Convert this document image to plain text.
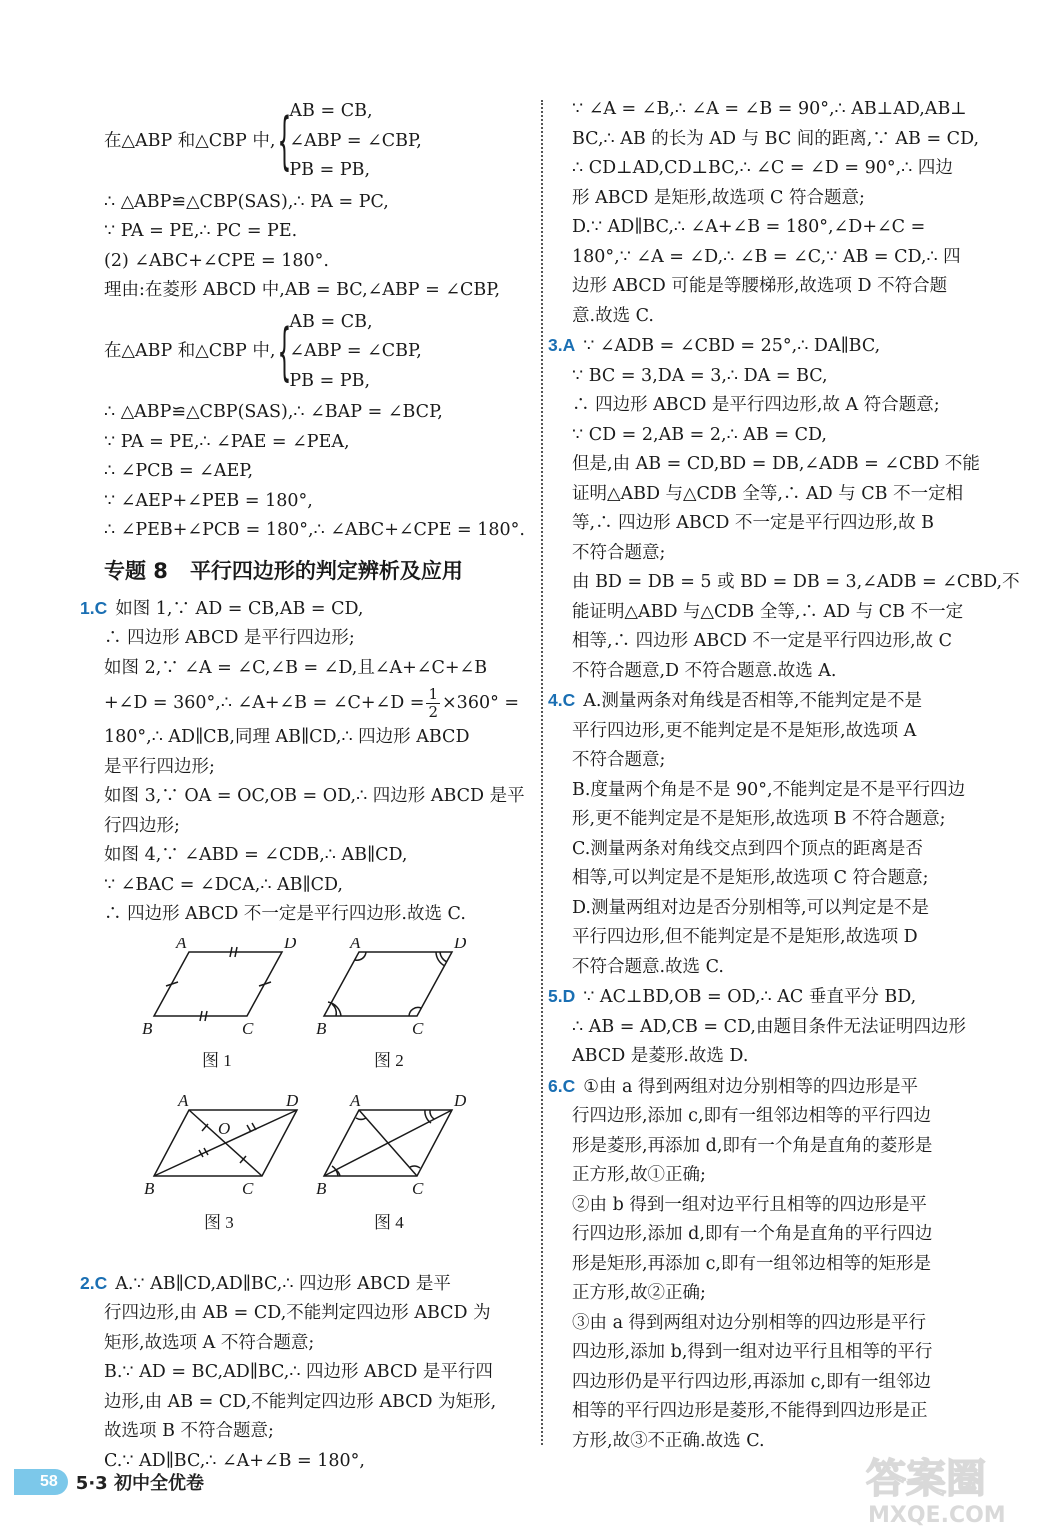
在△ABP 和△CBP 中, {
AB = CB,
∠ABP = ∠CBP,
PB = PB,

∴ △ABP≌△CBP(SAS),∴ PA = PC,

∵ PA = PE,∴ PC = PE.

(2) ∠ABC+∠CPE = 180°.

理由:在菱形 ABCD 中,AB = BC,∠ABP = ∠CBP,

在△ABP 和△CBP 中, {
AB = CB,
∠ABP = ∠CBP,
PB = PB,

∴ △ABP≌△CBP(SAS),∴ ∠BAP = ∠BCP,

∵ PA = PE,∴ ∠PAE = ∠PEA,

∴ ∠PCB = ∠AEP,

∵ ∠AEP+∠PEB = 180°,

∴ ∠PEB+∠PCB = 180°,∴ ∠ABC+∠CPE = 180°.

专题 8 平行四边形的判定辨析及应用

1.C 如图 1,∵ AD = CB,AB = CD,

∴ 四边形 ABCD 是平行四边形;

如图 2,∵ ∠A = ∠C,∠B = ∠D,且∠A+∠C+∠B

+∠D = 360°,∴ ∠A+∠B = ∠C+∠D = $\frac{1}{2} \times 360^\circ$ =

180°,∴ AD∥CB,同理 AB∥CD,∴ 四边形 ABCD

是平行四边形;

如图 3,∵ OA = OC,OB = OD,∴ 四边形 ABCD 是平

行四边形;

如图 4,∵ ∠ABD = ∠CDB,∴ AB∥CD,

∵ ∠BAC = ∠DCA,∴ AB∥CD,

∴ 四边形 ABCD 不一定是平行四边形.故选 C.

A	D
B	C
图 1
A	D
B	C
图 2
A	D
B	C
O
图 3
A	D
B	C
图 4

2.C A.∵ AB∥CD,AD∥BC,∴ 四边形 ABCD 是平

行四边形,由 AB = CD,不能判定四边形 ABCD 为

矩形,故选项 A 不符合题意;

B.∵ AD = BC,AD∥BC,∴ 四边形 ABCD 是平行四

边形,由 AB = CD,不能判定四边形 ABCD 为矩形,

故选项 B 不符合题意;

C.∵ AD∥BC,∴ ∠A+∠B = 180°,

∵ ∠A = ∠B,∴ ∠A = ∠B = 90°,∴ AB⊥AD,AB⊥

BC,∴ AB 的长为 AD 与 BC 间的距离,∵ AB = CD,

∴ CD⊥AD,CD⊥BC,∴ ∠C = ∠D = 90°,∴ 四边

形 ABCD 是矩形,故选项 C 符合题意;

D.∵ AD∥BC,∴ ∠A+∠B = 180°,∠D+∠C =

180°,∵ ∠A = ∠D,∴ ∠B = ∠C,∵ AB = CD,∴ 四

边形 ABCD 可能是等腰梯形,故选项 D 不符合题

意.故选 C.

3.A ∵ ∠ADB = ∠CBD = 25°,∴ DA∥BC,

∵ BC = 3,DA = 3,∴ DA = BC,

∴ 四边形 ABCD 是平行四边形,故 A 符合题意;

∵ CD = 2,AB = 2,∴ AB = CD,

但是,由 AB = CD,BD = DB,∠ADB = ∠CBD 不能

证明△ABD 与△CDB 全等,∴ AD 与 CB 不一定相

等,∴ 四边形 ABCD 不一定是平行四边形,故 B

不符合题意;

由 BD = DB = 5 或 BD = DB = 3,∠ADB = ∠CBD,不

能证明△ABD 与△CDB 全等,∴ AD 与 CB 不一定

相等,∴ 四边形 ABCD 不一定是平行四边形,故 C

不符合题意,D 不符合题意.故选 A.

4.C A.测量两条对角线是否相等,不能判定是不是

平行四边形,更不能判定是不是矩形,故选项 A

不符合题意;

B.度量两个角是不是 90°,不能判定是不是平行四边

形,更不能判定是不是矩形,故选项 B 不符合题意;

C.测量两条对角线交点到四个顶点的距离是否

相等,可以判定是不是矩形,故选项 C 符合题意;

D.测量两组对边是否分别相等,可以判定是不是

平行四边形,但不能判定是不是矩形,故选项 D

不符合题意.故选 C.

5.D ∵ AC⊥BD,OB = OD,∴ AC 垂直平分 BD,

∴ AB = AD,CB = CD,由题目条件无法证明四边形

ABCD 是菱形.故选 D.

6.C ①由 a 得到两组对边分别相等的四边形是平

行四边形,添加 c,即有一组邻边相等的平行四边

形是菱形,再添加 d,即有一个角是直角的菱形是

正方形,故①正确;

②由 b 得到一组对边平行且相等的四边形是平

行四边形,添加 d,即有一个角是直角的平行四边

形是矩形,再添加 c,即有一组邻边相等的矩形是

正方形,故②正确;

③由 a 得到两组对边分别相等的四边形是平行

四边形,添加 b,得到一组对边平行且相等的平行

四边形仍是平行四边形,再添加 c,即有一组邻边

相等的平行四边形是菱形,不能得到四边形是正

方形,故③不正确.故选 C.

58	5·3 初中全优卷	答案圈
MXQE.COM
